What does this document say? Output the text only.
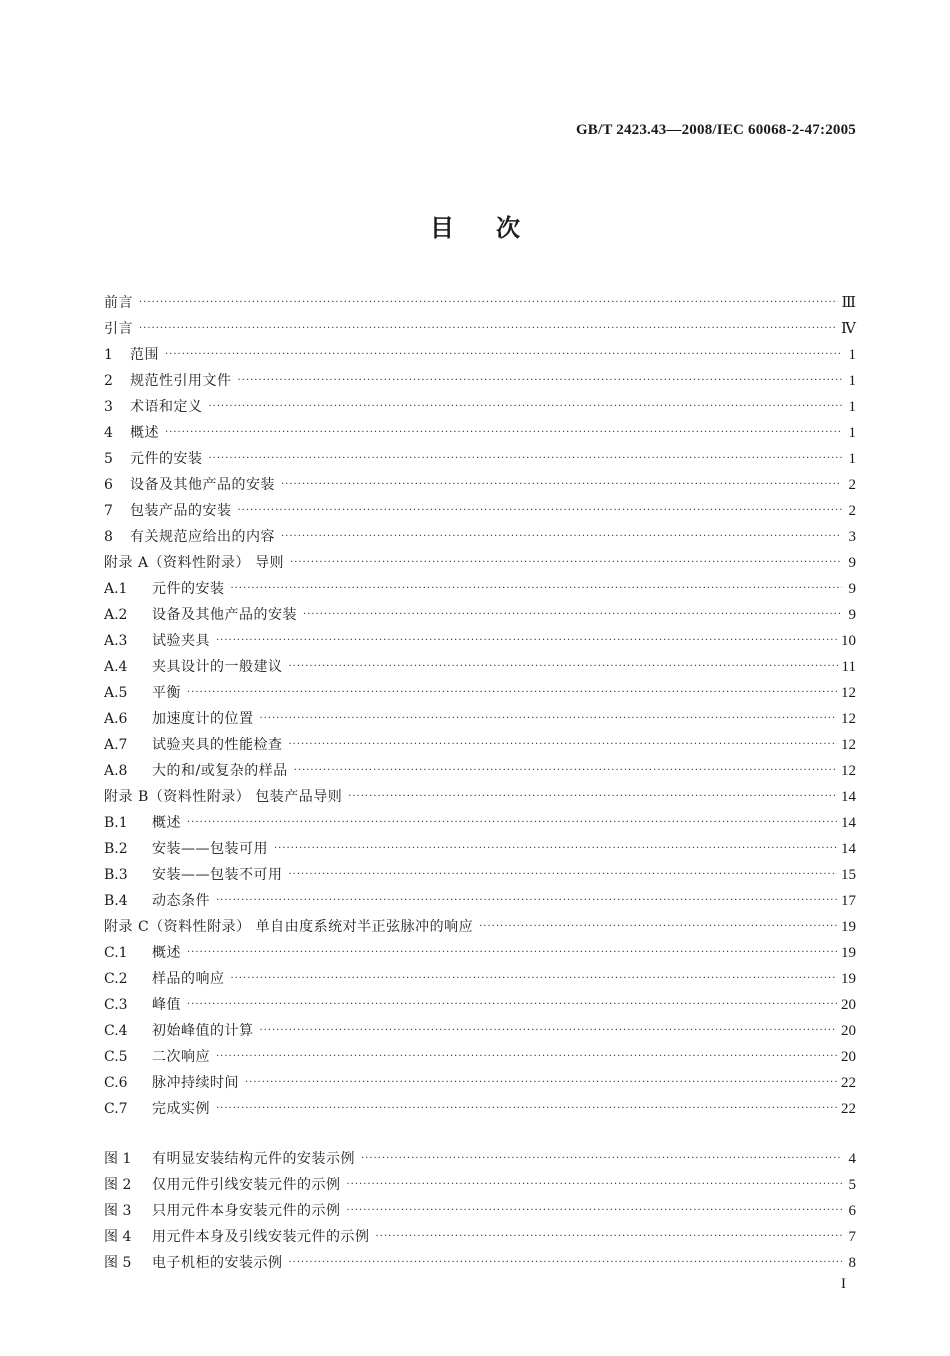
GB/T 2423.43—2008/IEC 60068-2-47:2005
目次
前言 ·····	Ⅲ
引言 ·····	Ⅳ
1	范围 ·····	1
2	规范性引用文件 ·····	1
3	术语和定义 ·····	1
4	概述 ·····	1
5	元件的安装 ·····	1
6	设备及其他产品的安装 ·····	2
7	包装产品的安装 ·····	2
8	有关规范应给出的内容 ·····	3
附录 A（资料性附录） 导则 ·····	9
A.1	元件的安装 ·····	9
A.2	设备及其他产品的安装 ·····	9
A.3	试验夹具 ·····	10
A.4	夹具设计的一般建议 ·····	11
A.5	平衡 ·····	12
A.6	加速度计的位置 ·····	12
A.7	试验夹具的性能检查 ·····	12
A.8	大的和/或复杂的样品 ·····	12
附录 B（资料性附录） 包装产品导则 ·····	14
B.1	概述 ·····	14
B.2	安装——包装可用 ·····	14
B.3	安装——包装不可用 ·····	15
B.4	动态条件 ·····	17
附录 C（资料性附录） 单自由度系统对半正弦脉冲的响应 ·····	19
C.1	概述 ·····	19
C.2	样品的响应 ·····	19
C.3	峰值 ·····	20
C.4	初始峰值的计算 ·····	20
C.5	二次响应 ·····	20
C.6	脉冲持续时间 ·····	22
C.7	完成实例 ·····	22
图 1	有明显安装结构元件的安装示例 ·····	4
图 2	仅用元件引线安装元件的示例 ·····	5
图 3	只用元件本身安装元件的示例 ·····	6
图 4	用元件本身及引线安装元件的示例 ·····	7
图 5	电子机柜的安装示例 ·····	8
I
